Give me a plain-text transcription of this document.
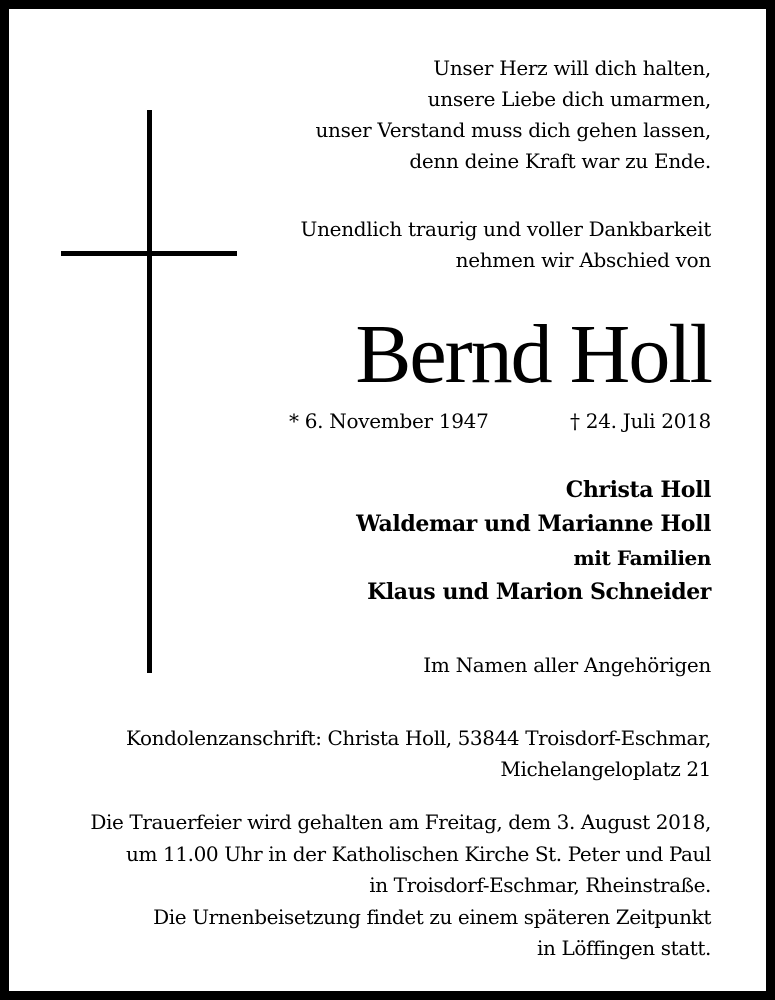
Unser Herz will dich halten,
unsere Liebe dich umarmen,
unser Verstand muss dich gehen lassen,
denn deine Kraft war zu Ende.
Unendlich traurig und voller Dankbarkeit
nehmen wir Abschied von
Bernd Holl
* 6. November 1947	† 24. Juli 2018
Christa Holl
Waldemar und Marianne Holl
mit Familien
Klaus und Marion Schneider
Im Namen aller Angehörigen
Kondolenzanschrift: Christa Holl, 53844 Troisdorf-Eschmar,
Michelangeloplatz 21
Die Trauerfeier wird gehalten am Freitag, dem 3. August 2018,
um 11.00 Uhr in der Katholischen Kirche St. Peter und Paul
in Troisdorf-Eschmar, Rheinstraße.
Die Urnenbeisetzung findet zu einem späteren Zeitpunkt
in Löffingen statt.
